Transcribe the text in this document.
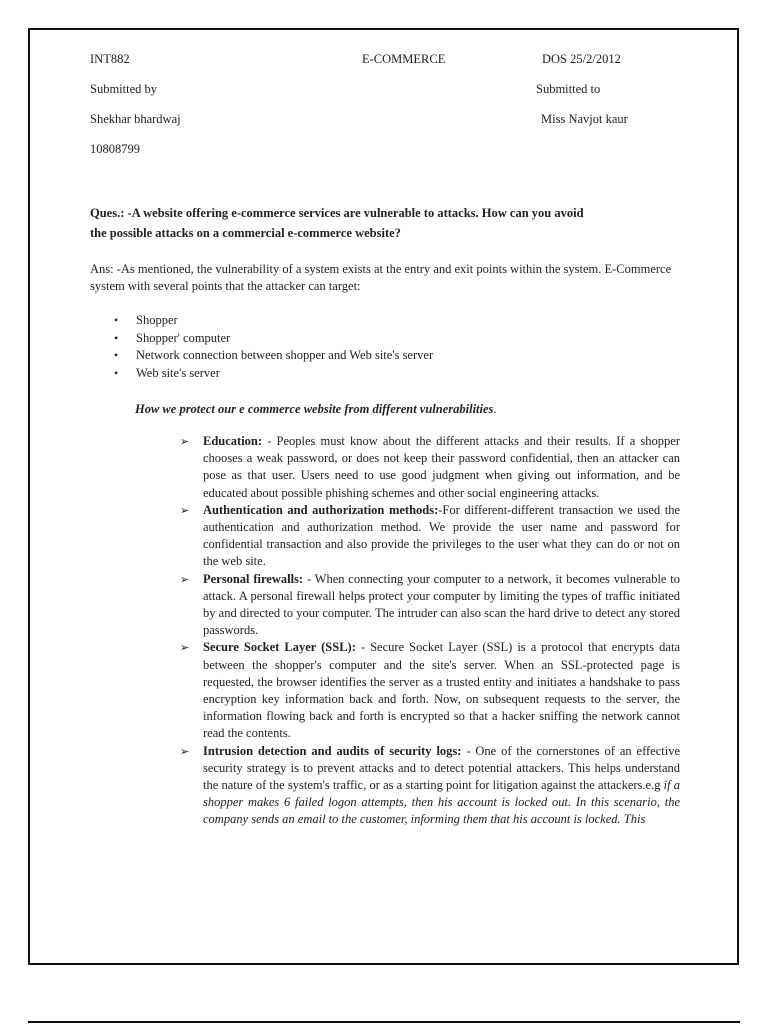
INT882	E-COMMERCE	DOS 25/2/2012
Submitted by	Submitted to
Shekhar bhardwaj	Miss Navjot kaur
10808799
Ques.: -A website offering e-commerce services are vulnerable to attacks. How can you avoid
the possible attacks on a commercial e-commerce website?
Ans: -As mentioned, the vulnerability of a system exists at the entry and exit points within the system. E-Commerce system with several points that the attacker can target:
• Shopper
• Shopper' computer
• Network connection between shopper and Web site's server
• Web site's server
How we protect our e commerce website from different vulnerabilities.
➢ Education: - Peoples must know about the different attacks and their results. If a shopper chooses a weak password, or does not keep their password confidential, then an attacker can pose as that user. Users need to use good judgment when giving out information, and be educated about possible phishing schemes and other social engineering attacks.
➢ Authentication and authorization methods:-For different-different transaction we used the authentication and authorization method. We provide the user name and password for confidential transaction and also provide the privileges to the user what they can do or not on the web site.
➢ Personal firewalls: - When connecting your computer to a network, it becomes vulnerable to attack. A personal firewall helps protect your computer by limiting the types of traffic initiated by and directed to your computer. The intruder can also scan the hard drive to detect any stored passwords.
➢ Secure Socket Layer (SSL): - Secure Socket Layer (SSL) is a protocol that encrypts data between the shopper's computer and the site's server. When an SSL-protected page is requested, the browser identifies the server as a trusted entity and initiates a handshake to pass encryption key information back and forth. Now, on subsequent requests to the server, the information flowing back and forth is encrypted so that a hacker sniffing the network cannot read the contents.
➢ Intrusion detection and audits of security logs: - One of the cornerstones of an effective security strategy is to prevent attacks and to detect potential attackers. This helps understand the nature of the system's traffic, or as a starting point for litigation against the attackers.e.g if a shopper makes 6 failed logon attempts, then his account is locked out. In this scenario, the company sends an email to the customer, informing them that his account is locked. This
